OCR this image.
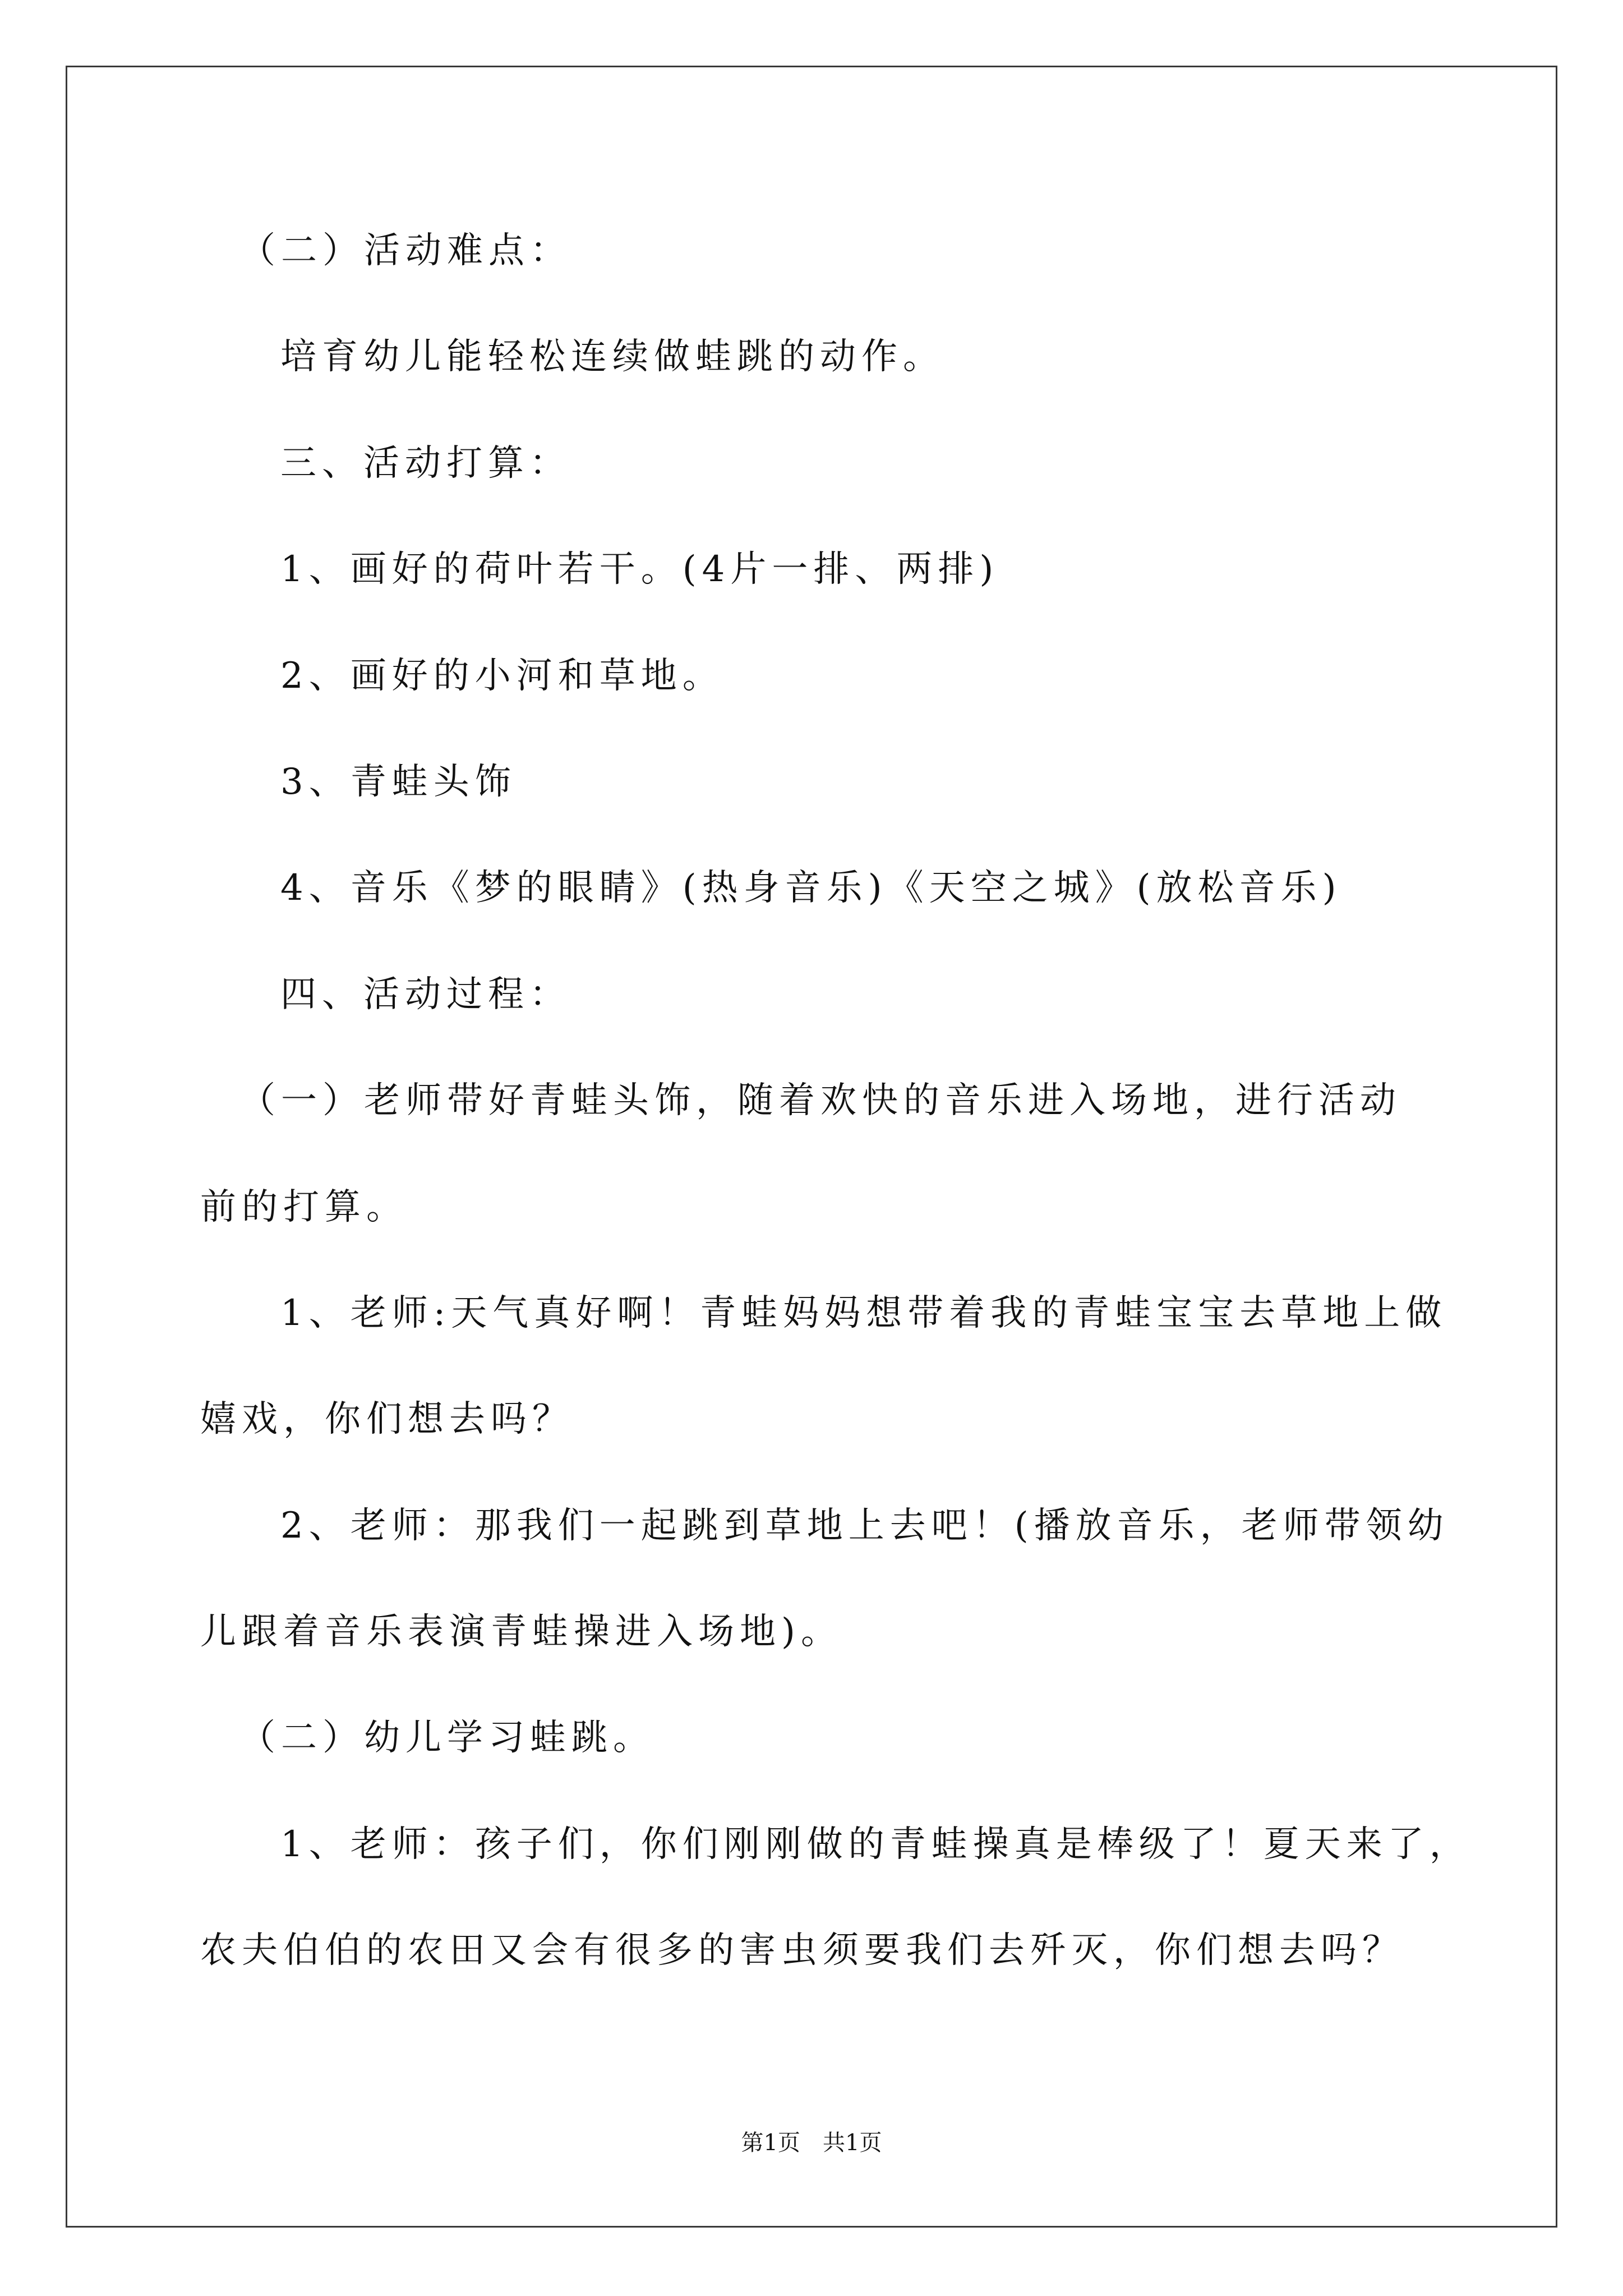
（二）活动难点：
培育幼儿能轻松连续做蛙跳的动作。
三、活动打算：
1、画好的荷叶若干。(4片一排、两排)
2、画好的小河和草地。
3、青蛙头饰
4、音乐《梦的眼睛》(热身音乐)《天空之城》(放松音乐)
四、活动过程：
（一）老师带好青蛙头饰，随着欢快的音乐进入场地，进行活动
前的打算。
1、老师:天气真好啊！青蛙妈妈想带着我的青蛙宝宝去草地上做
嬉戏，你们想去吗？
2、老师：那我们一起跳到草地上去吧！(播放音乐，老师带领幼
儿跟着音乐表演青蛙操进入场地)。
（二）幼儿学习蛙跳。
1、老师：孩子们，你们刚刚做的青蛙操真是棒级了！夏天来了，
农夫伯伯的农田又会有很多的害虫须要我们去歼灭，你们想去吗？
第1页　共1页
